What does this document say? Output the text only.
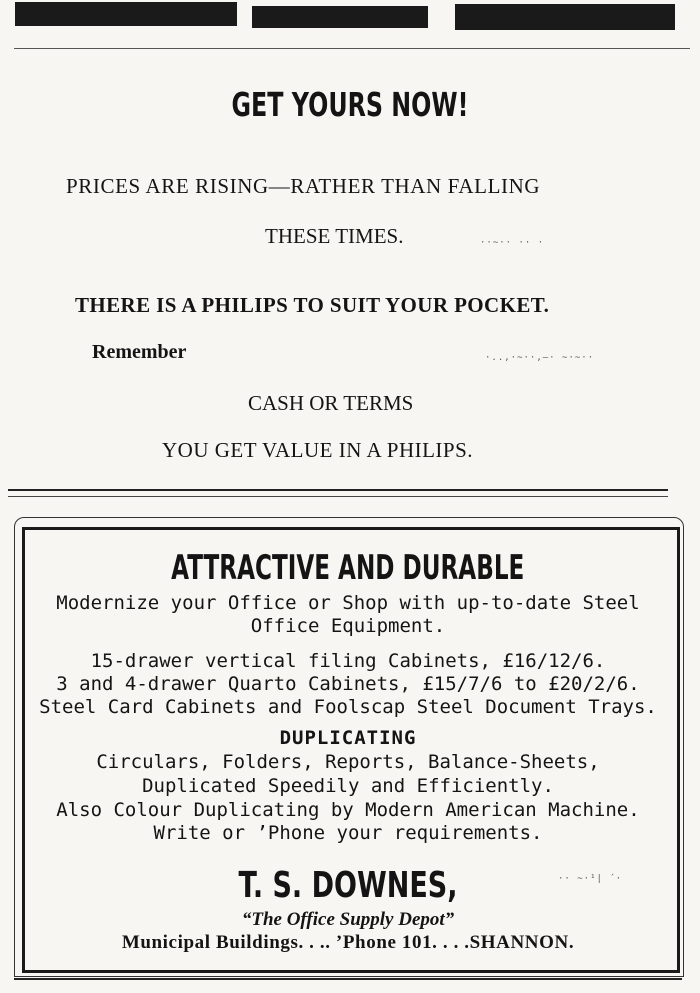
GET YOURS NOW!
PRICES ARE RISING—RATHER THAN FALLING
THESE TIMES.	··~·· ·· ·
THERE IS A PHILIPS TO SUIT YOUR POCKET.
Remember	·..,·~··,—· ~·~··
CASH OR TERMS
YOU GET VALUE IN A PHILIPS.
ATTRACTIVE AND DURABLE
Modernize your Office or Shop with up-to-date Steel
Office Equipment.
15-drawer vertical filing Cabinets, £16/12/6.
3 and 4-drawer Quarto Cabinets, £15/7/6 to £20/2/6.
Steel Card Cabinets and Foolscap Steel Document Trays.
DUPLICATING
Circulars, Folders, Reports, Balance-Sheets,
Duplicated Speedily and Efficiently.
Also Colour Duplicating by Modern American Machine.
Write or ’Phone your requirements.
T. S. DOWNES,	·· ~·¹| ´·
“The Office Supply Depot”
Municipal Buildings. . .. ’Phone 101. . . .SHANNON.
